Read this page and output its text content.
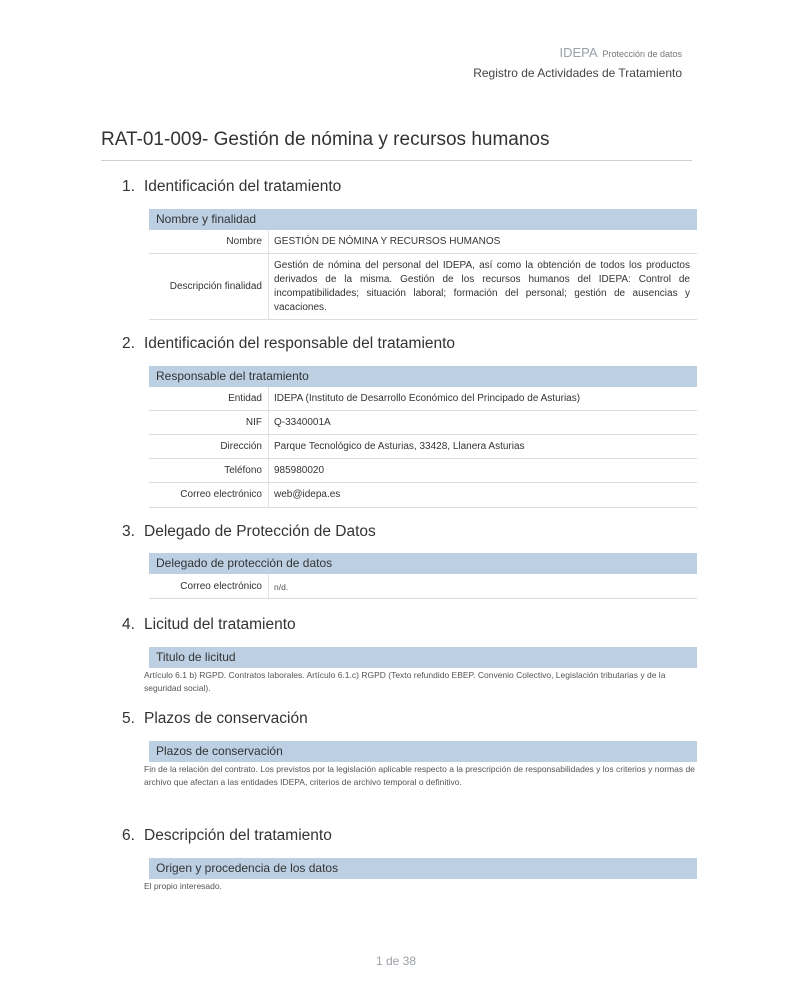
IDEPA Protección de datos
Registro de Actividades de Tratamiento
RAT-01-009- Gestión de nómina y recursos humanos
1. Identificación del tratamiento
Nombre y finalidad
Nombre GESTIÓN DE NÓMINA Y RECURSOS HUMANOS
Descripción finalidad
Gestión de nómina del personal del IDEPA, así como la obtención de todos los productos derivados de la misma. Gestión de los recursos humanos del IDEPA: Control de incompatibilidades; situación laboral; formación del personal; gestión de ausencias y vacaciones.
2. Identificación del responsable del tratamiento
Responsable del tratamiento
Entidad IDEPA (Instituto de Desarrollo Económico del Principado de Asturias)
NIF Q-3340001A
Dirección Parque Tecnológico de Asturias, 33428, Llanera Asturias
Teléfono 985980020
Correo electrónico web@idepa.es
3. Delegado de Protección de Datos
Delegado de protección de datos
Correo electrónico n/d.
4. Licitud del tratamiento
Titulo de licitud
Artículo 6.1 b) RGPD. Contratos laborales. Artículo 6.1.c) RGPD (Texto refundido EBEP. Convenio Colectivo, Legislación tributarias y de la seguridad social).
5. Plazos de conservación
Plazos de conservación
Fin de la relación del contrato. Los previstos por la legislación aplicable respecto a la prescripción de responsabilidades y los criterios y normas de archivo que afectan a las entidades IDEPA, criterios de archivo temporal o definitivo.
6. Descripción del tratamiento
Origen y procedencia de los datos
El propio interesado.
1 de 38
